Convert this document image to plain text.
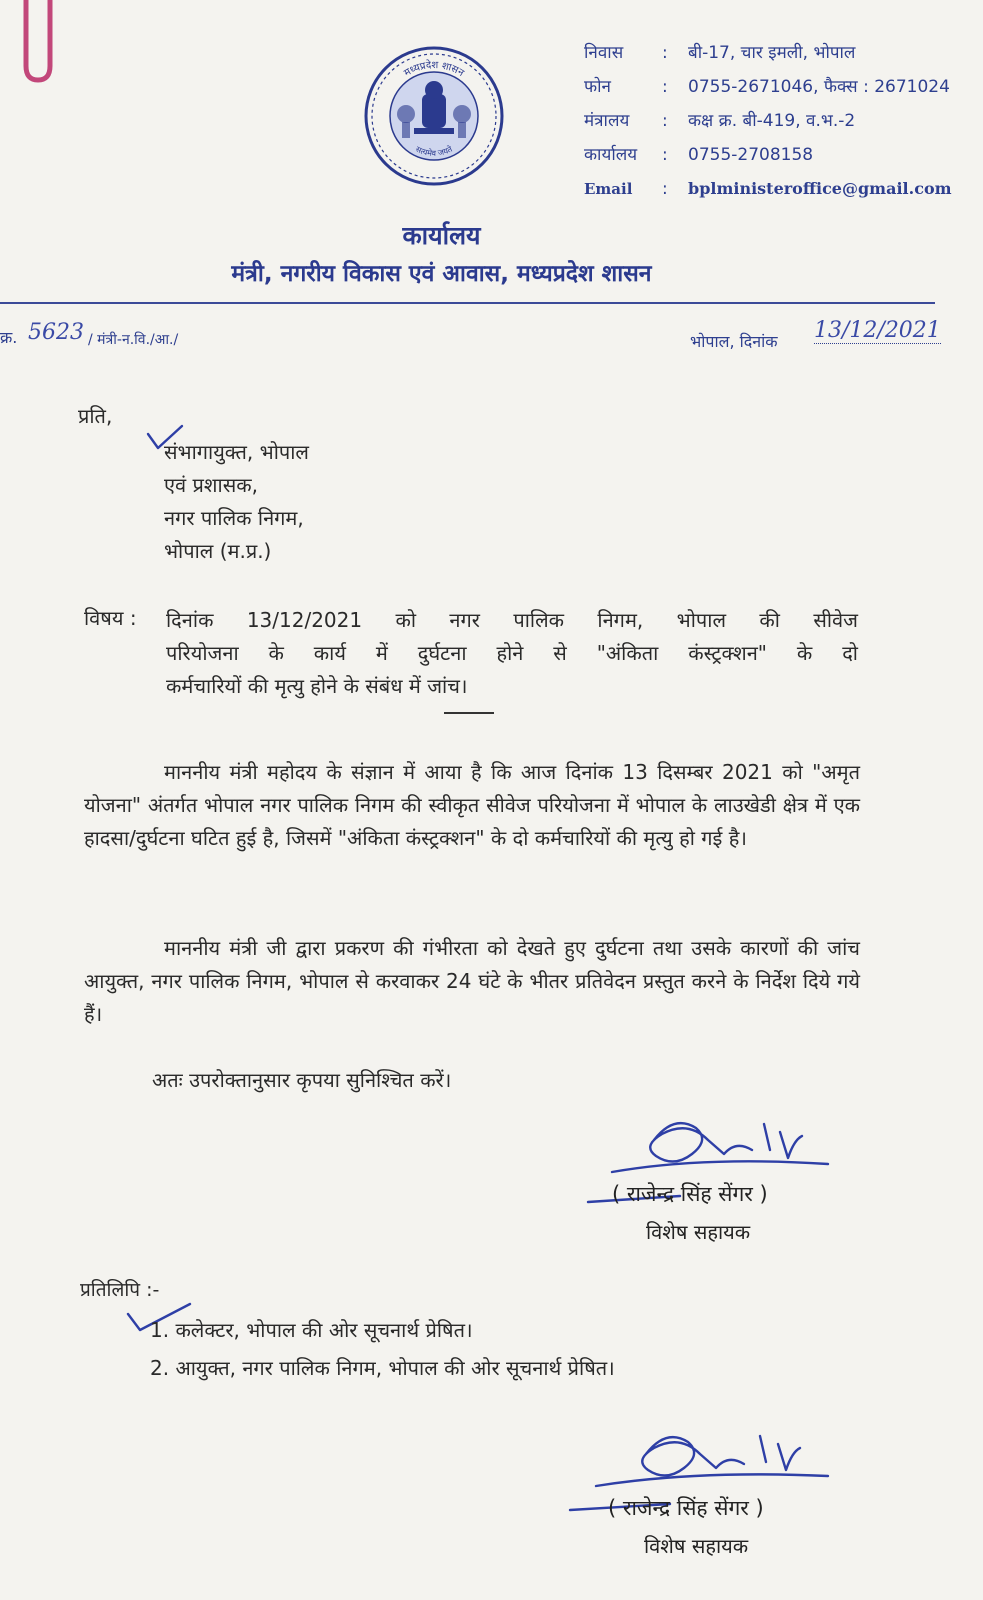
मध्यप्रदेश शासन
सत्यमेव जयते
निवास	:	बी-17, चार इमली, भोपाल
फोन	:	0755-2671046, फैक्स : 2671024
मंत्रालय	:	कक्ष क्र. बी-419, व.भ.-2
कार्यालय	:	0755-2708158
Email	:	bplministeroffice@gmail.com
कार्यालय
मंत्री, नगरीय विकास एवं आवास, मध्यप्रदेश शासन
क्र. 5623 / मंत्री-न.वि./आ./	भोपाल, दिनांक 13/12/2021
प्रति,
संभागायुक्त, भोपाल
एवं प्रशासक,
नगर पालिक निगम,
भोपाल (म.प्र.)
विषय : दिनांक 13/12/2021 को नगर पालिक निगम, भोपाल की सीवेज
परियोजना के कार्य में दुर्घटना होने से "अंकिता कंस्ट्रक्शन" के दो
कर्मचारियों की मृत्यु होने के संबंध में जांच।
माननीय मंत्री महोदय के संज्ञान में आया है कि आज दिनांक 13 दिसम्बर 2021 को "अमृत योजना" अंतर्गत भोपाल नगर पालिक निगम की स्वीकृत सीवेज परियोजना में भोपाल के लाउखेडी क्षेत्र में एक हादसा/दुर्घटना घटित हुई है, जिसमें "अंकिता कंस्ट्रक्शन" के दो कर्मचारियों की मृत्यु हो गई है।
माननीय मंत्री जी द्वारा प्रकरण की गंभीरता को देखते हुए दुर्घटना तथा उसके कारणों की जांच आयुक्त, नगर पालिक निगम, भोपाल से करवाकर 24 घंटे के भीतर प्रतिवेदन प्रस्तुत करने के निर्देश दिये गये हैं।
अतः उपरोक्तानुसार कृपया सुनिश्चित करें।
( राजेन्द्र सिंह सेंगर )
विशेष सहायक
प्रतिलिपि :-
1. कलेक्टर, भोपाल की ओर सूचनार्थ प्रेषित।
2. आयुक्त, नगर पालिक निगम, भोपाल की ओर सूचनार्थ प्रेषित।
( राजेन्द्र सिंह सेंगर )
विशेष सहायक
